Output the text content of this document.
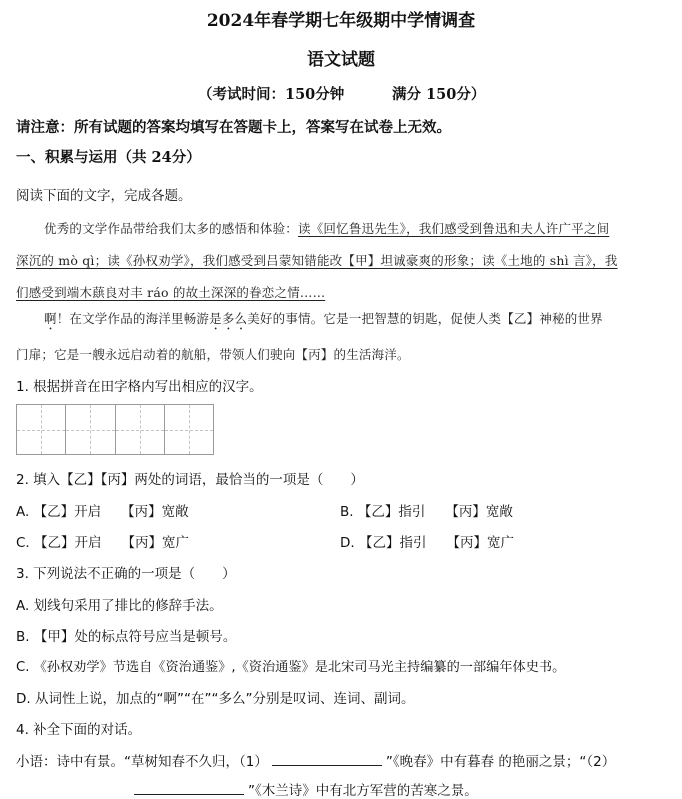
2024年春学期七年级期中学情调查
语文试题
（考试时间：150分钟	满分 150分）
请注意：所有试题的答案均填写在答题卡上，答案写在试卷上无效。
一、积累与运用（共 24分）
阅读下面的文字，完成各题。
优秀的文学作品带给我们太多的感悟和体验：读《回忆鲁迅先生》，我们感受到鲁迅和夫人许广平之间
深沉的 mò qì；读《孙权劝学》，我们感受到吕蒙知错能改【甲】坦诚豪爽的形象；读《土地的 shì 言》，我
们感受到端木蕻良对丰 ráo 的故土深深的眷恋之情……
啊！在文学作品的海洋里畅游是多么美好的事情。它是一把智慧的钥匙，促使人类【乙】神秘的世界
门扉；它是一艘永远启动着的航船，带领人们驶向【丙】的生活海洋。
1. 根据拼音在田字格内写出相应的汉字。
2. 填入【乙】【丙】两处的词语，最恰当的一项是（　　）
A. 【乙】开启 【丙】宽敞	B. 【乙】指引 【丙】宽敞
C. 【乙】开启 【丙】宽广	D. 【乙】指引 【丙】宽广
3. 下列说法不正确的一项是（　　）
A. 划线句采用了排比的修辞手法。
B. 【甲】处的标点符号应当是顿号。
C. 《孙权劝学》节选自《资治通鉴》,《资治通鉴》是北宋司马光主持编纂的一部编年体史书。
D. 从词性上说，加点的“啊”“在”“多么”分别是叹词、连词、副词。
4. 补全下面的对话。
小语：诗中有景。“草树知春不久归，（1）	”《晚春》中有暮春 的艳丽之景；“（2）
”《木兰诗》中有北方军营的苦寒之景。
